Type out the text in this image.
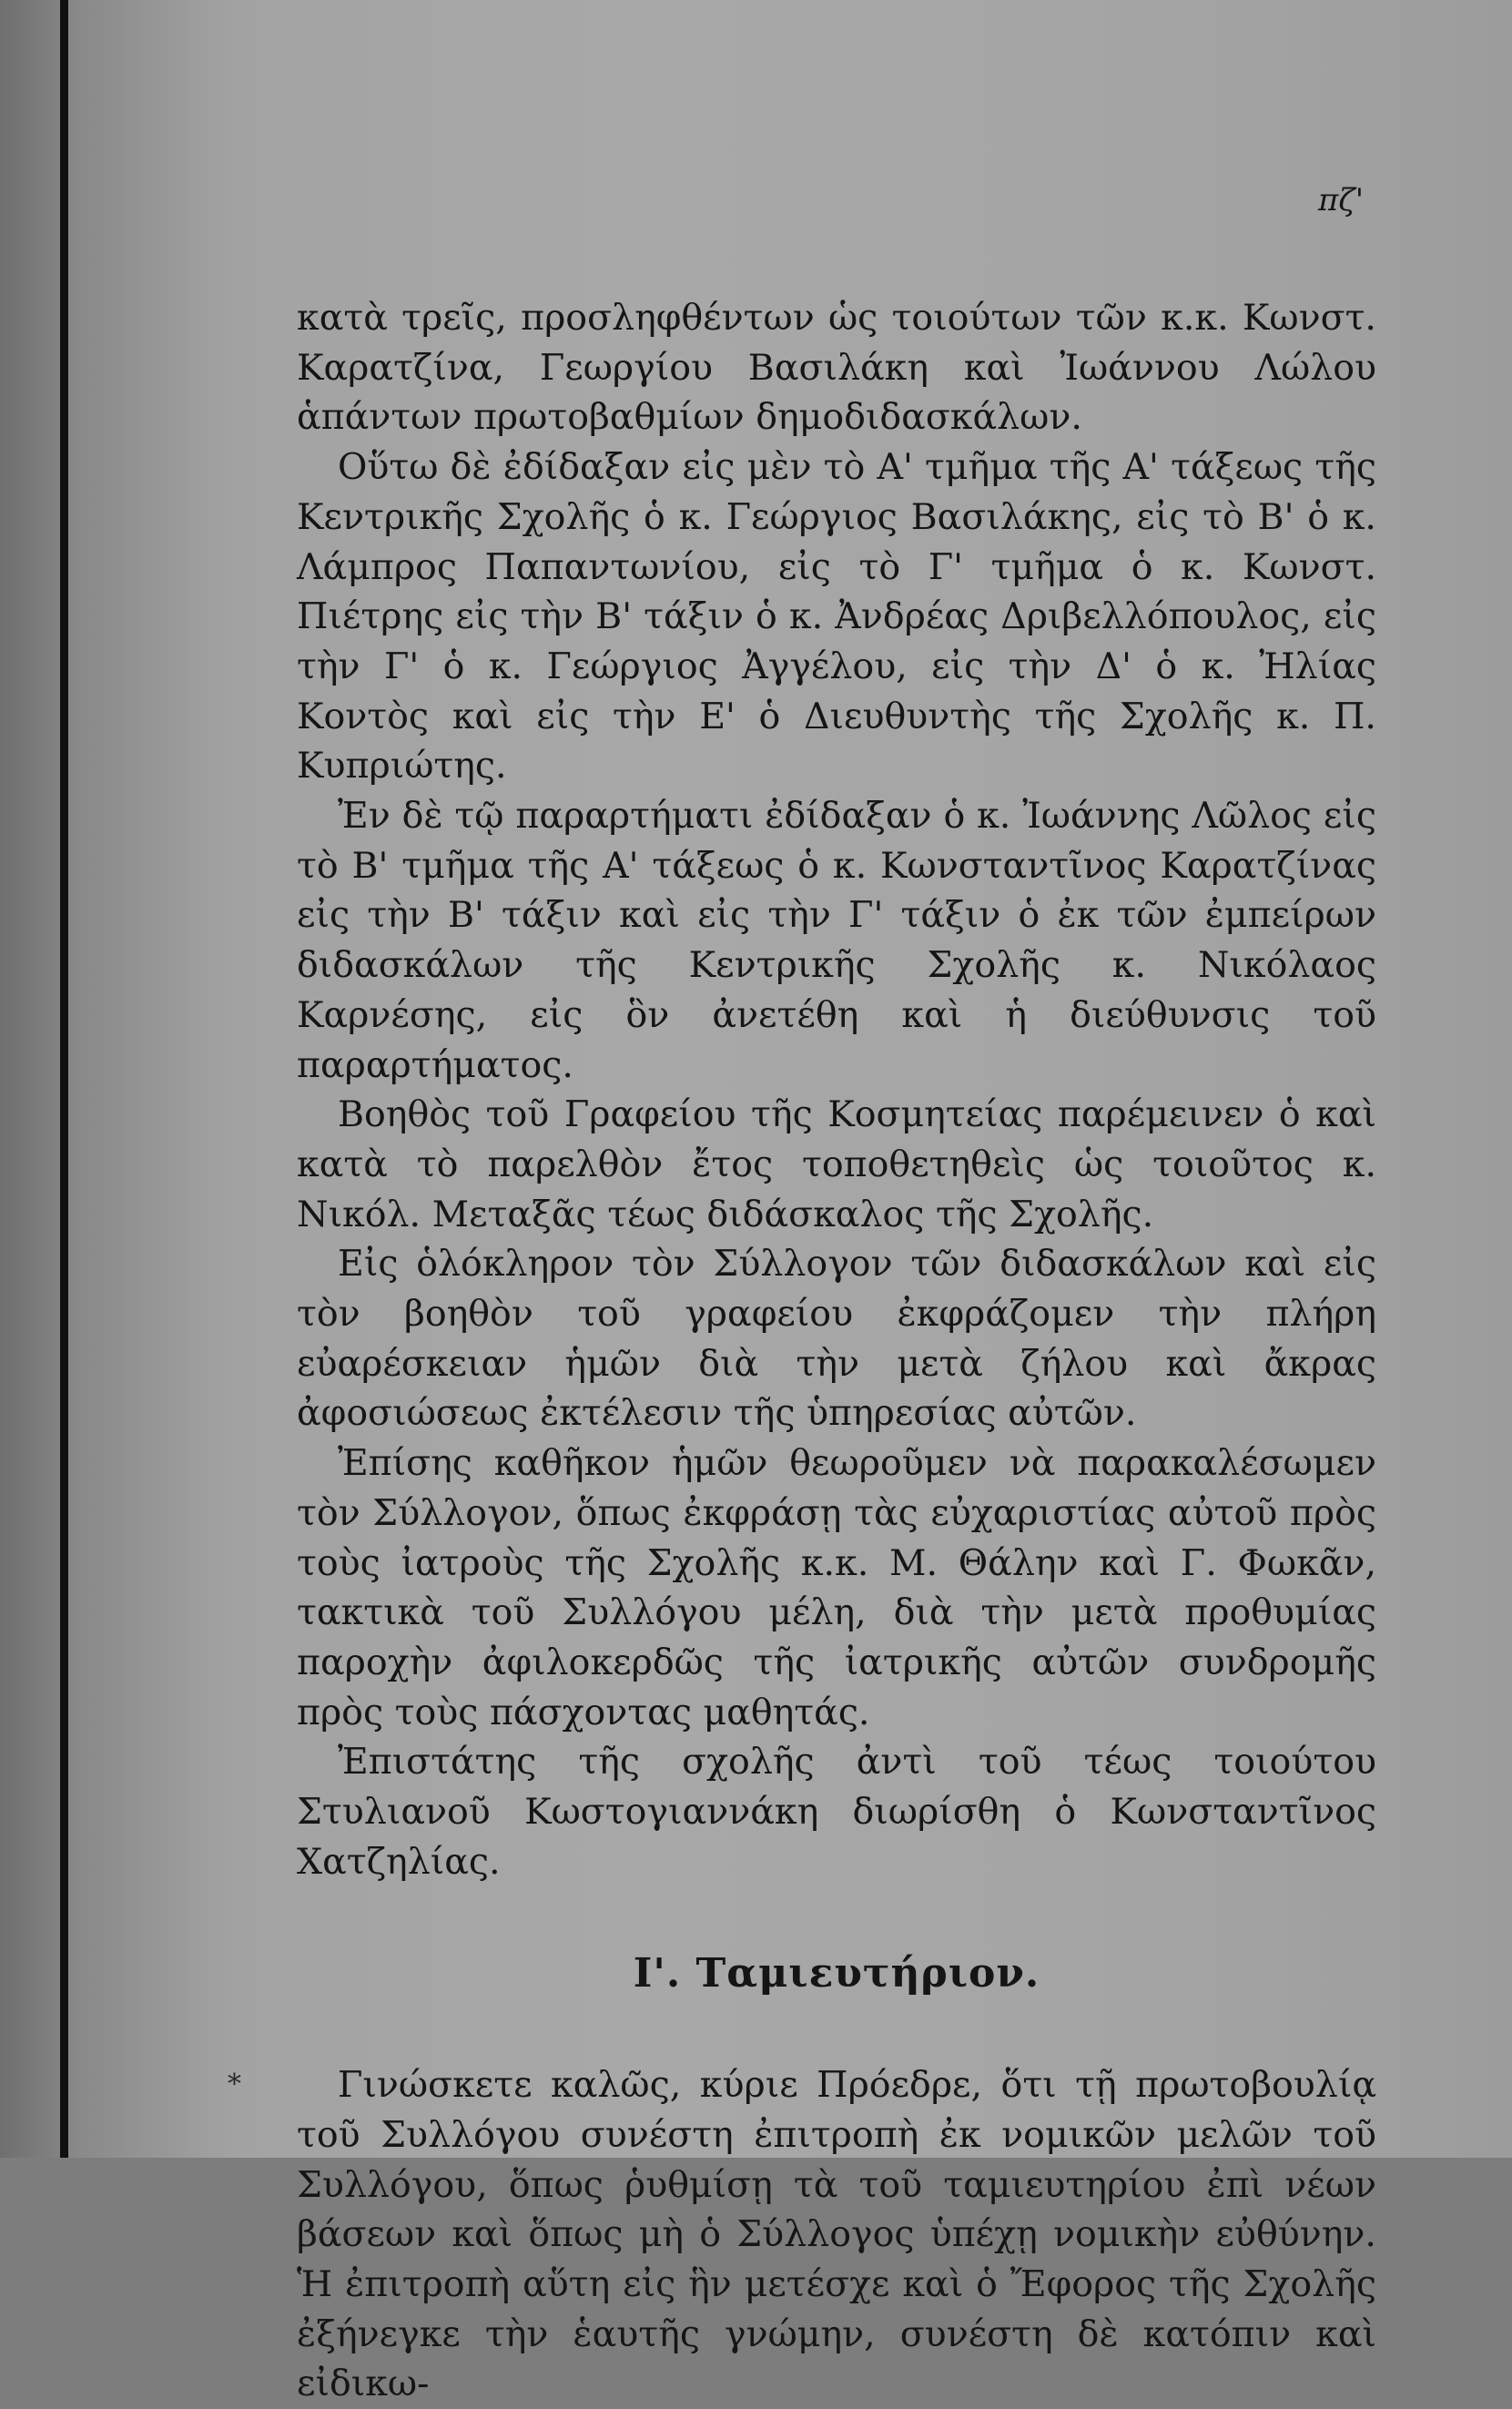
πζ'

κατὰ τρεῖς, προσληφθέντων ὡς τοιούτων τῶν κ.κ. Κωνστ. Καρατζίνα, Γεωργίου Βασιλάκη καὶ Ἰωάννου Λώλου ἁπάντων πρωτοβαθμίων δημοδιδασκάλων.

Οὕτω δὲ ἐδίδαξαν εἰς μὲν τὸ Α' τμῆμα τῆς Α' τάξεως τῆς Κεντρικῆς Σχολῆς ὁ κ. Γεώργιος Βασιλάκης, εἰς τὸ Β' ὁ κ. Λάμπρος Παπαντωνίου, εἰς τὸ Γ' τμῆμα ὁ κ. Κωνστ. Πιέτρης εἰς τὴν Β' τάξιν ὁ κ. Ἀνδρέας Δριβελλόπουλος, εἰς τὴν Γ' ὁ κ. Γεώργιος Ἀγγέλου, εἰς τὴν Δ' ὁ κ. Ἠλίας Κοντὸς καὶ εἰς τὴν Ε' ὁ Διευθυντὴς τῆς Σχολῆς κ. Π. Κυπριώτης.

Ἐν δὲ τῷ παραρτήματι ἐδίδαξαν ὁ κ. Ἰωάννης Λῶλος εἰς τὸ Β' τμῆμα τῆς Α' τάξεως ὁ κ. Κωνσταντῖνος Καρατζίνας εἰς τὴν Β' τάξιν καὶ εἰς τὴν Γ' τάξιν ὁ ἐκ τῶν ἐμπείρων διδασκάλων τῆς Κεντρικῆς Σχολῆς κ. Νικόλαος Καρνέσης, εἰς ὃν ἀνετέθη καὶ ἡ διεύθυνσις τοῦ παραρτήματος.

Βοηθὸς τοῦ Γραφείου τῆς Κοσμητείας παρέμεινεν ὁ καὶ κατὰ τὸ παρελθὸν ἔτος τοποθετηθεὶς ὡς τοιοῦτος κ. Νικόλ. Μεταξᾶς τέως διδάσκαλος τῆς Σχολῆς.

Εἰς ὁλόκληρον τὸν Σύλλογον τῶν διδασκάλων καὶ εἰς τὸν βοηθὸν τοῦ γραφείου ἐκφράζομεν τὴν πλήρη εὐαρέσκειαν ἡμῶν διὰ τὴν μετὰ ζήλου καὶ ἄκρας ἀφοσιώσεως ἐκτέλεσιν τῆς ὑπηρεσίας αὐτῶν.

Ἐπίσης καθῆκον ἡμῶν θεωροῦμεν νὰ παρακαλέσωμεν τὸν Σύλλογον, ὅπως ἐκφράσῃ τὰς εὐχαριστίας αὐτοῦ πρὸς τοὺς ἰατροὺς τῆς Σχολῆς κ.κ. Μ. Θάλην καὶ Γ. Φωκᾶν, τακτικὰ τοῦ Συλλόγου μέλη, διὰ τὴν μετὰ προθυμίας παροχὴν ἀφιλοκερδῶς τῆς ἰατρικῆς αὐτῶν συνδρομῆς πρὸς τοὺς πάσχοντας μαθητάς.

Ἐπιστάτης τῆς σχολῆς ἀντὶ τοῦ τέως τοιούτου Στυλιανοῦ Κωστογιαννάκη διωρίσθη ὁ Κωνσταντῖνος Χατζηλίας.

Ι'. Ταμιευτήριον.

Γινώσκετε καλῶς, κύριε Πρόεδρε, ὅτι τῇ πρωτοβουλίᾳ τοῦ Συλλόγου συνέστη ἐπιτροπὴ ἐκ νομικῶν μελῶν τοῦ Συλλόγου, ὅπως ῥυθμίσῃ τὰ τοῦ ταμιευτηρίου ἐπὶ νέων βάσεων καὶ ὅπως μὴ ὁ Σύλλογος ὑπέχῃ νομικὴν εὐθύνην. Ἡ ἐπιτροπὴ αὕτη εἰς ἣν μετέσχε καὶ ὁ Ἔφορος τῆς Σχολῆς ἐξήνεγκε τὴν ἑαυτῆς γνώμην, συνέστη δὲ κατόπιν καὶ εἰδικω-

*
